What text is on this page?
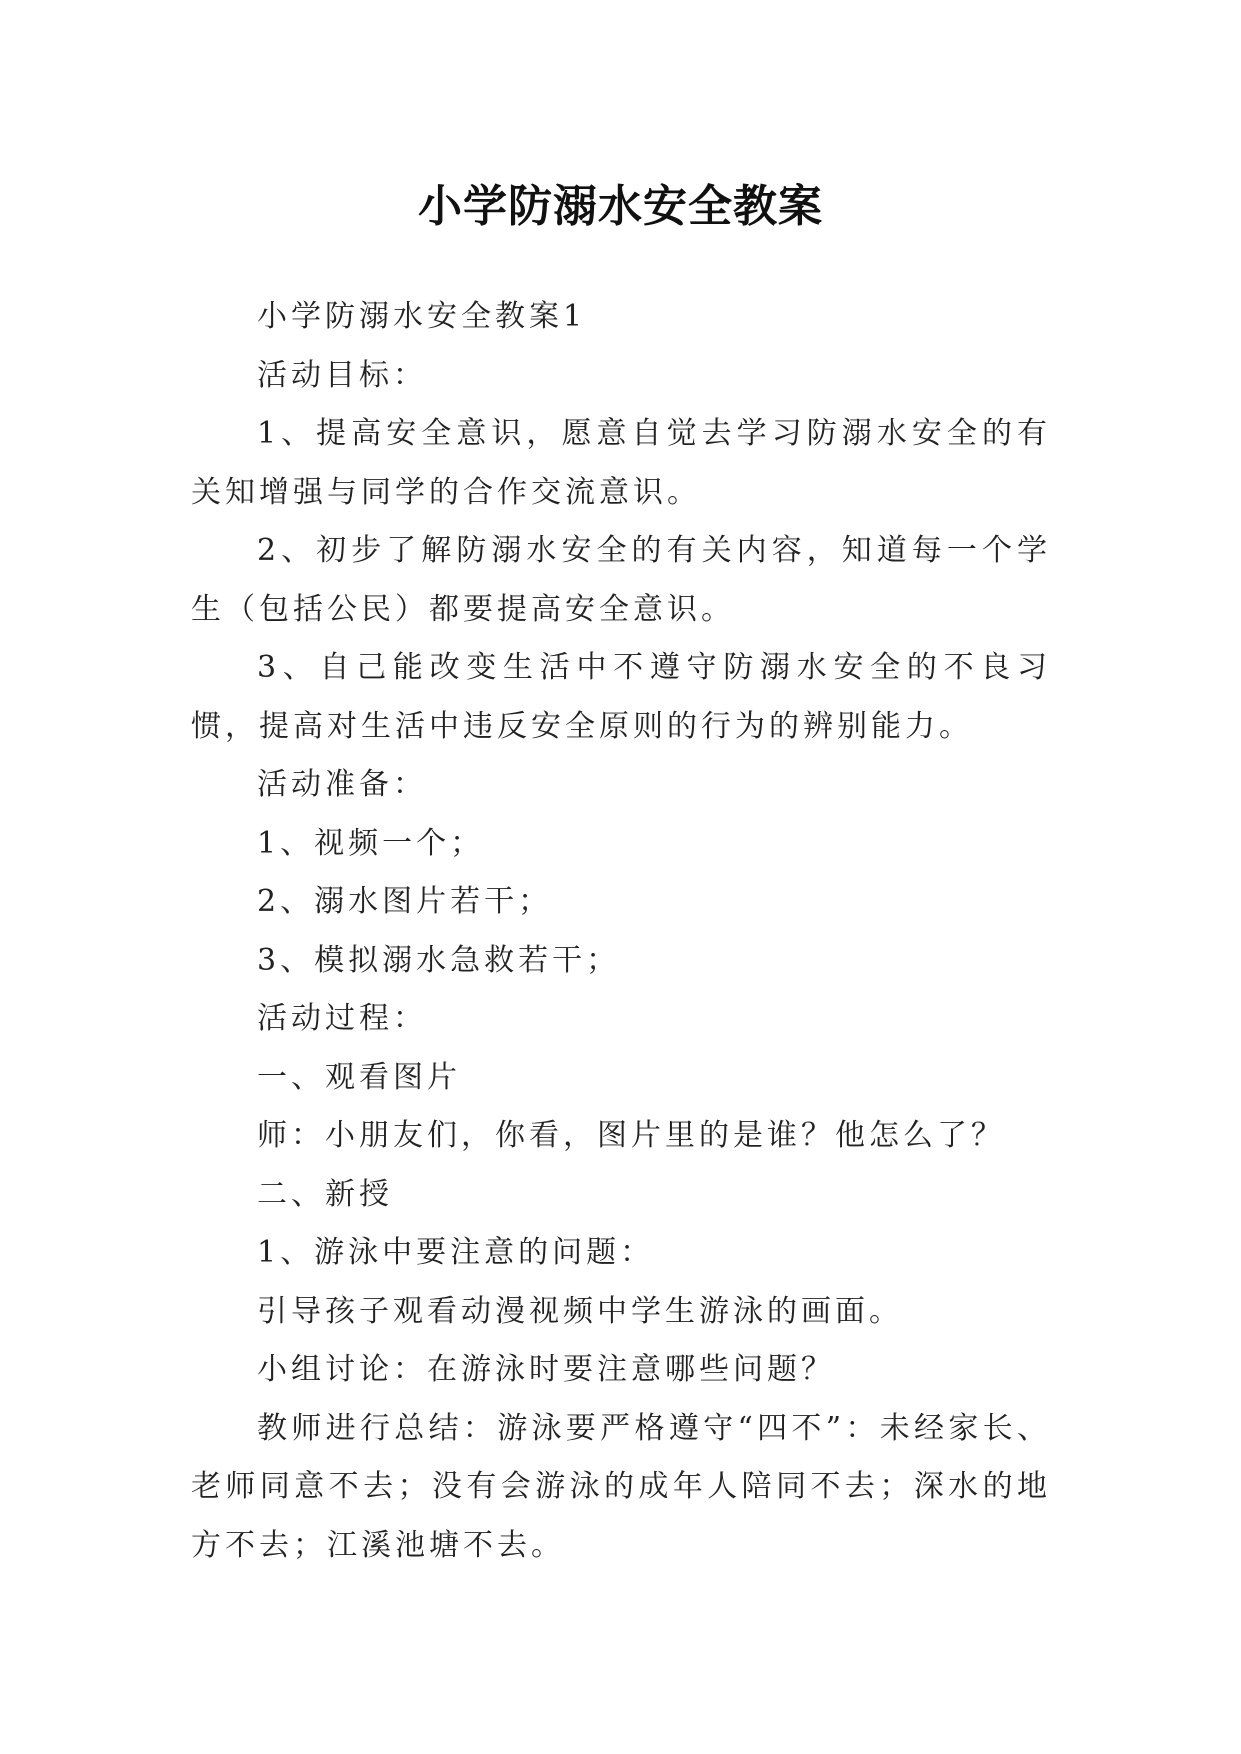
小学防溺水安全教案

小学防溺水安全教案1

活动目标：

1、提高安全意识，愿意自觉去学习防溺水安全的有关知增强与同学的合作交流意识。

2、初步了解防溺水安全的有关内容，知道每一个学生（包括公民）都要提高安全意识。

3、自己能改变生活中不遵守防溺水安全的不良习惯，提高对生活中违反安全原则的行为的辨别能力。

活动准备：

1、视频一个；

2、溺水图片若干；

3、模拟溺水急救若干；

活动过程：

一、观看图片

师：小朋友们，你看，图片里的是谁？他怎么了？

二、新授

1、游泳中要注意的问题：

引导孩子观看动漫视频中学生游泳的画面。

小组讨论：在游泳时要注意哪些问题？

教师进行总结：游泳要严格遵守“四不”：未经家长、老师同意不去；没有会游泳的成年人陪同不去；深水的地方不去；江溪池塘不去。
